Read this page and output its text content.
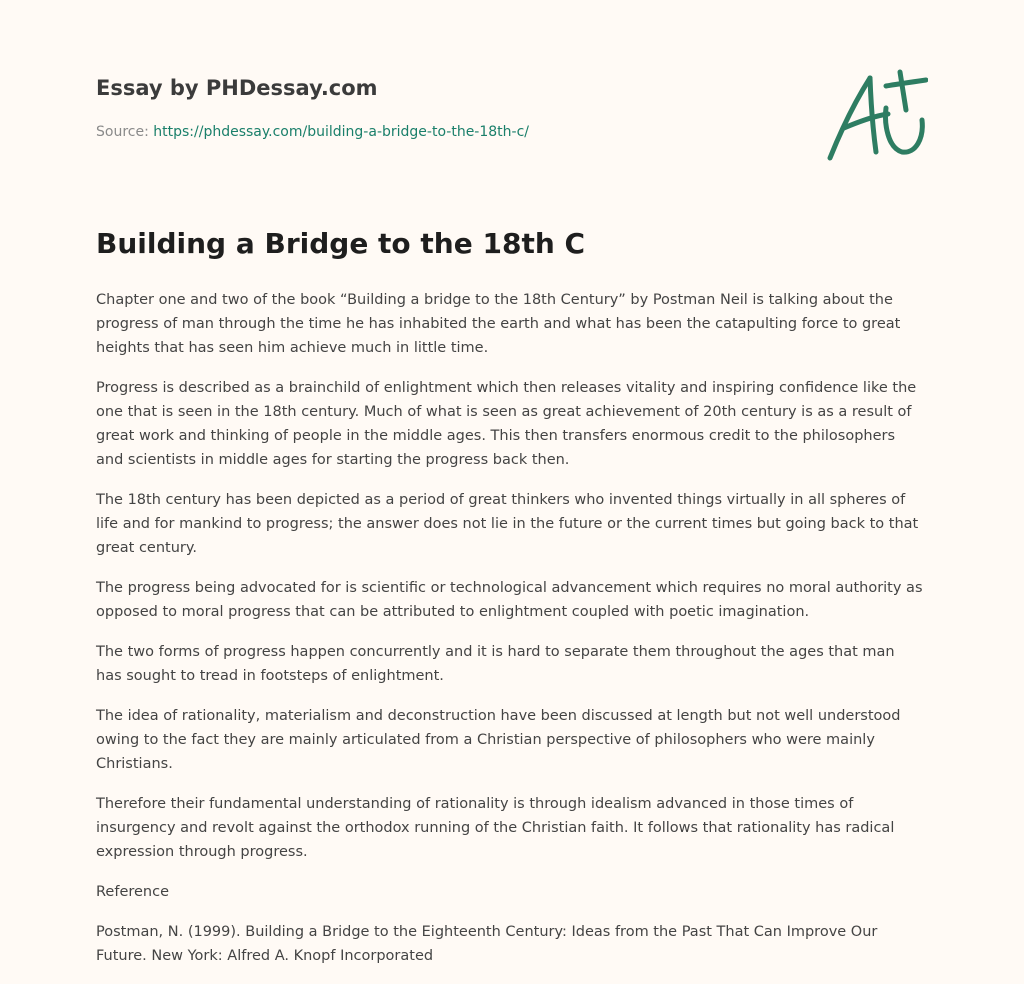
Essay by PHDessay.com
Source: https://phdessay.com/building-a-bridge-to-the-18th-c/
Building a Bridge to the 18th C

Chapter one and two of the book “Building a bridge to the 18th Century” by Postman Neil is talking about the progress of man through the time he has inhabited the earth and what has been the catapulting force to great heights that has seen him achieve much in little time.

Progress is described as a brainchild of enlightment which then releases vitality and inspiring confidence like the one that is seen in the 18th century. Much of what is seen as great achievement of 20th century is as a result of great work and thinking of people in the middle ages. This then transfers enormous credit to the philosophers and scientists in middle ages for starting the progress back then.

The 18th century has been depicted as a period of great thinkers who invented things virtually in all spheres of life and for mankind to progress; the answer does not lie in the future or the current times but going back to that great century.

The progress being advocated for is scientific or technological advancement which requires no moral authority as opposed to moral progress that can be attributed to enlightment coupled with poetic imagination.

The two forms of progress happen concurrently and it is hard to separate them throughout the ages that man has sought to tread in footsteps of enlightment.

The idea of rationality, materialism and deconstruction have been discussed at length but not well understood owing to the fact they are mainly articulated from a Christian perspective of philosophers who were mainly Christians.

Therefore their fundamental understanding of rationality is through idealism advanced in those times of insurgency and revolt against the orthodox running of the Christian faith. It follows that rationality has radical expression through progress.

Reference

Postman, N. (1999). Building a Bridge to the Eighteenth Century: Ideas from the Past That Can Improve Our Future. New York: Alfred A. Knopf Incorporated
